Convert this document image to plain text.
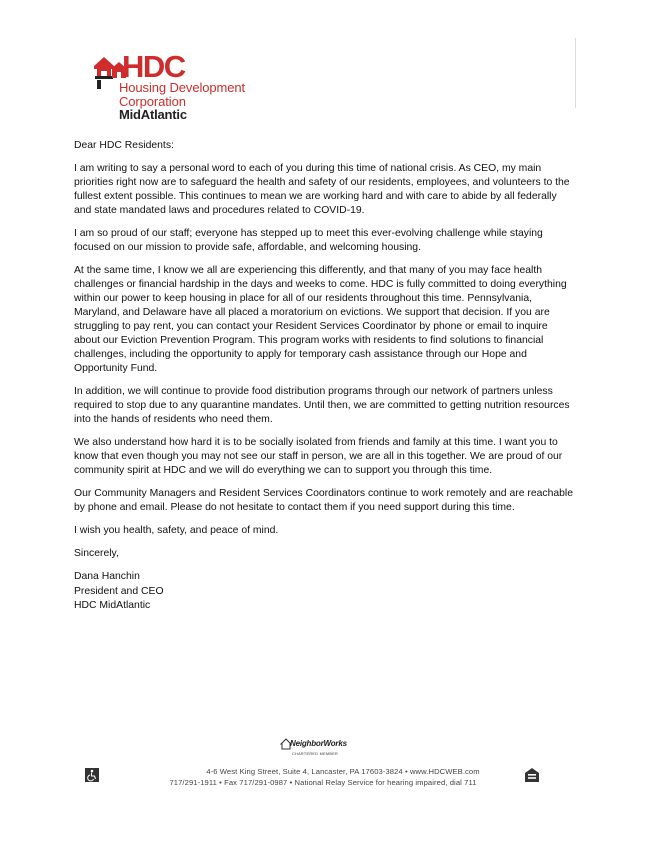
HDC
Housing Development
Corporation
MidAtlantic

Dear HDC Residents:

I am writing to say a personal word to each of you during this time of national crisis. As CEO, my main priorities right now are to safeguard the health and safety of our residents, employees, and volunteers to the fullest extent possible. This continues to mean we are working hard and with care to abide by all federally and state mandated laws and procedures related to COVID-19.

I am so proud of our staff; everyone has stepped up to meet this ever-evolving challenge while staying focused on our mission to provide safe, affordable, and welcoming housing.

At the same time, I know we all are experiencing this differently, and that many of you may face health challenges or financial hardship in the days and weeks to come. HDC is fully committed to doing everything within our power to keep housing in place for all of our residents throughout this time. Pennsylvania, Maryland, and Delaware have all placed a moratorium on evictions. We support that decision. If you are struggling to pay rent, you can contact your Resident Services Coordinator by phone or email to inquire about our Eviction Prevention Program. This program works with residents to find solutions to financial challenges, including the opportunity to apply for temporary cash assistance through our Hope and Opportunity Fund.

In addition, we will continue to provide food distribution programs through our network of partners unless required to stop due to any quarantine mandates. Until then, we are committed to getting nutrition resources into the hands of residents who need them.

We also understand how hard it is to be socially isolated from friends and family at this time. I want you to know that even though you may not see our staff in person, we are all in this together. We are proud of our community spirit at HDC and we will do everything we can to support you through this time.

Our Community Managers and Resident Services Coordinators continue to work remotely and are reachable by phone and email. Please do not hesitate to contact them if you need support during this time.

I wish you health, safety, and peace of mind.

Sincerely,

Dana Hanchin
President and CEO
HDC MidAtlantic
NeighborWorks
CHARTERED MEMBER
4-6 West King Street, Suite 4, Lancaster, PA 17603-3824 • www.HDCWEB.com
717/291-1911 • Fax 717/291-0987 • National Relay Service for hearing impaired, dial 711
